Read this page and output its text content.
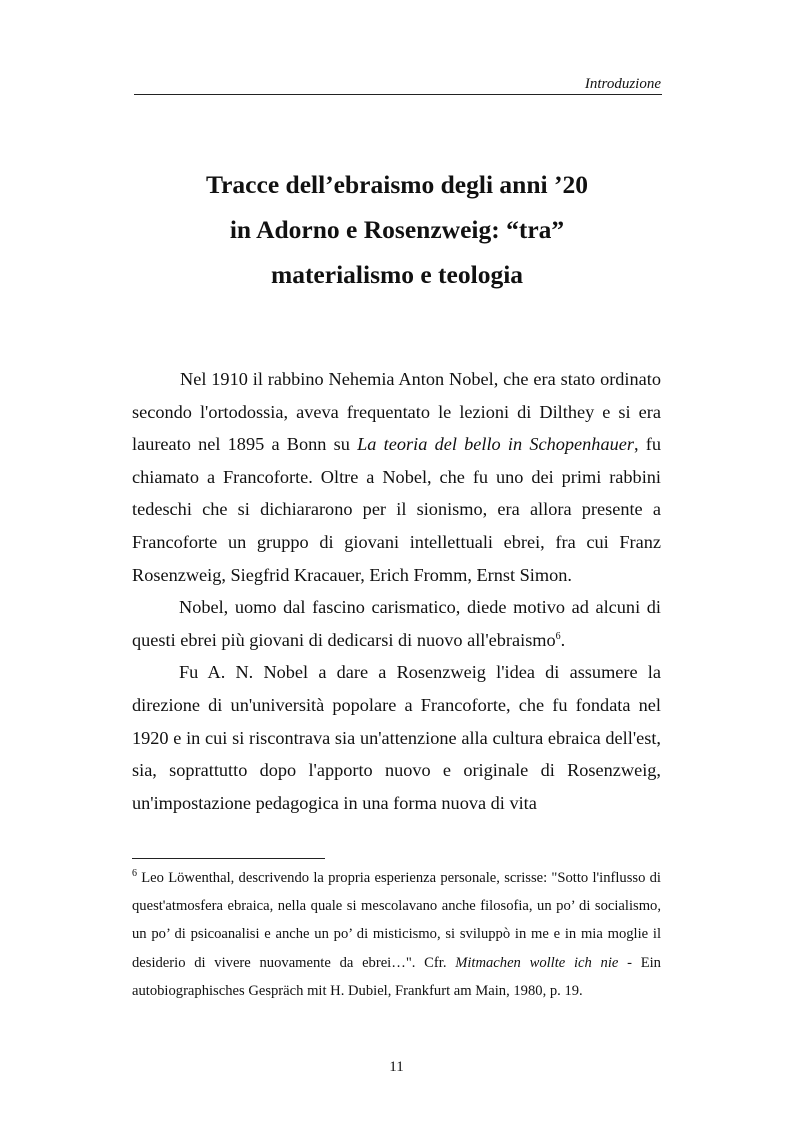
Introduzione
Tracce dell’ebraismo degli anni ’20
in Adorno e Rosenzweig: “tra”
materialismo e teologia

Nel 1910 il rabbino Nehemia Anton Nobel, che era stato ordinato secondo l'ortodossia, aveva frequentato le lezioni di Dilthey e si era laureato nel 1895 a Bonn su La teoria del bello in Schopenhauer, fu chiamato a Francoforte. Oltre a Nobel, che fu uno dei primi rabbini tedeschi che si dichiararono per il sionismo, era allora presente a Francoforte un gruppo di giovani intellettuali ebrei, fra cui Franz Rosenzweig, Siegfrid Kracauer, Erich Fromm, Ernst Simon.

Nobel, uomo dal fascino carismatico, diede motivo ad alcuni di questi ebrei più giovani di dedicarsi di nuovo all'ebraismo$^6$.

Fu A. N. Nobel a dare a Rosenzweig l'idea di assumere la direzione di un'università popolare a Francoforte, che fu fondata nel 1920 e in cui si riscontrava sia un'attenzione alla cultura ebraica dell'est, sia, soprattutto dopo l'apporto nuovo e originale di Rosenzweig, un'impostazione pedagogica in una forma nuova di vita

$^6$ Leo Löwenthal, descrivendo la propria esperienza personale, scrisse: "Sotto l'influsso di quest'atmosfera ebraica, nella quale si mescolavano anche filosofia, un po’ di socialismo, un po’ di psicoanalisi e anche un po’ di misticismo, si sviluppò in me e in mia moglie il desiderio di vivere nuovamente da ebrei…". Cfr. Mitmachen wollte ich nie - Ein autobiographisches Gespräch mit H. Dubiel, Frankfurt am Main, 1980, p. 19.

11
